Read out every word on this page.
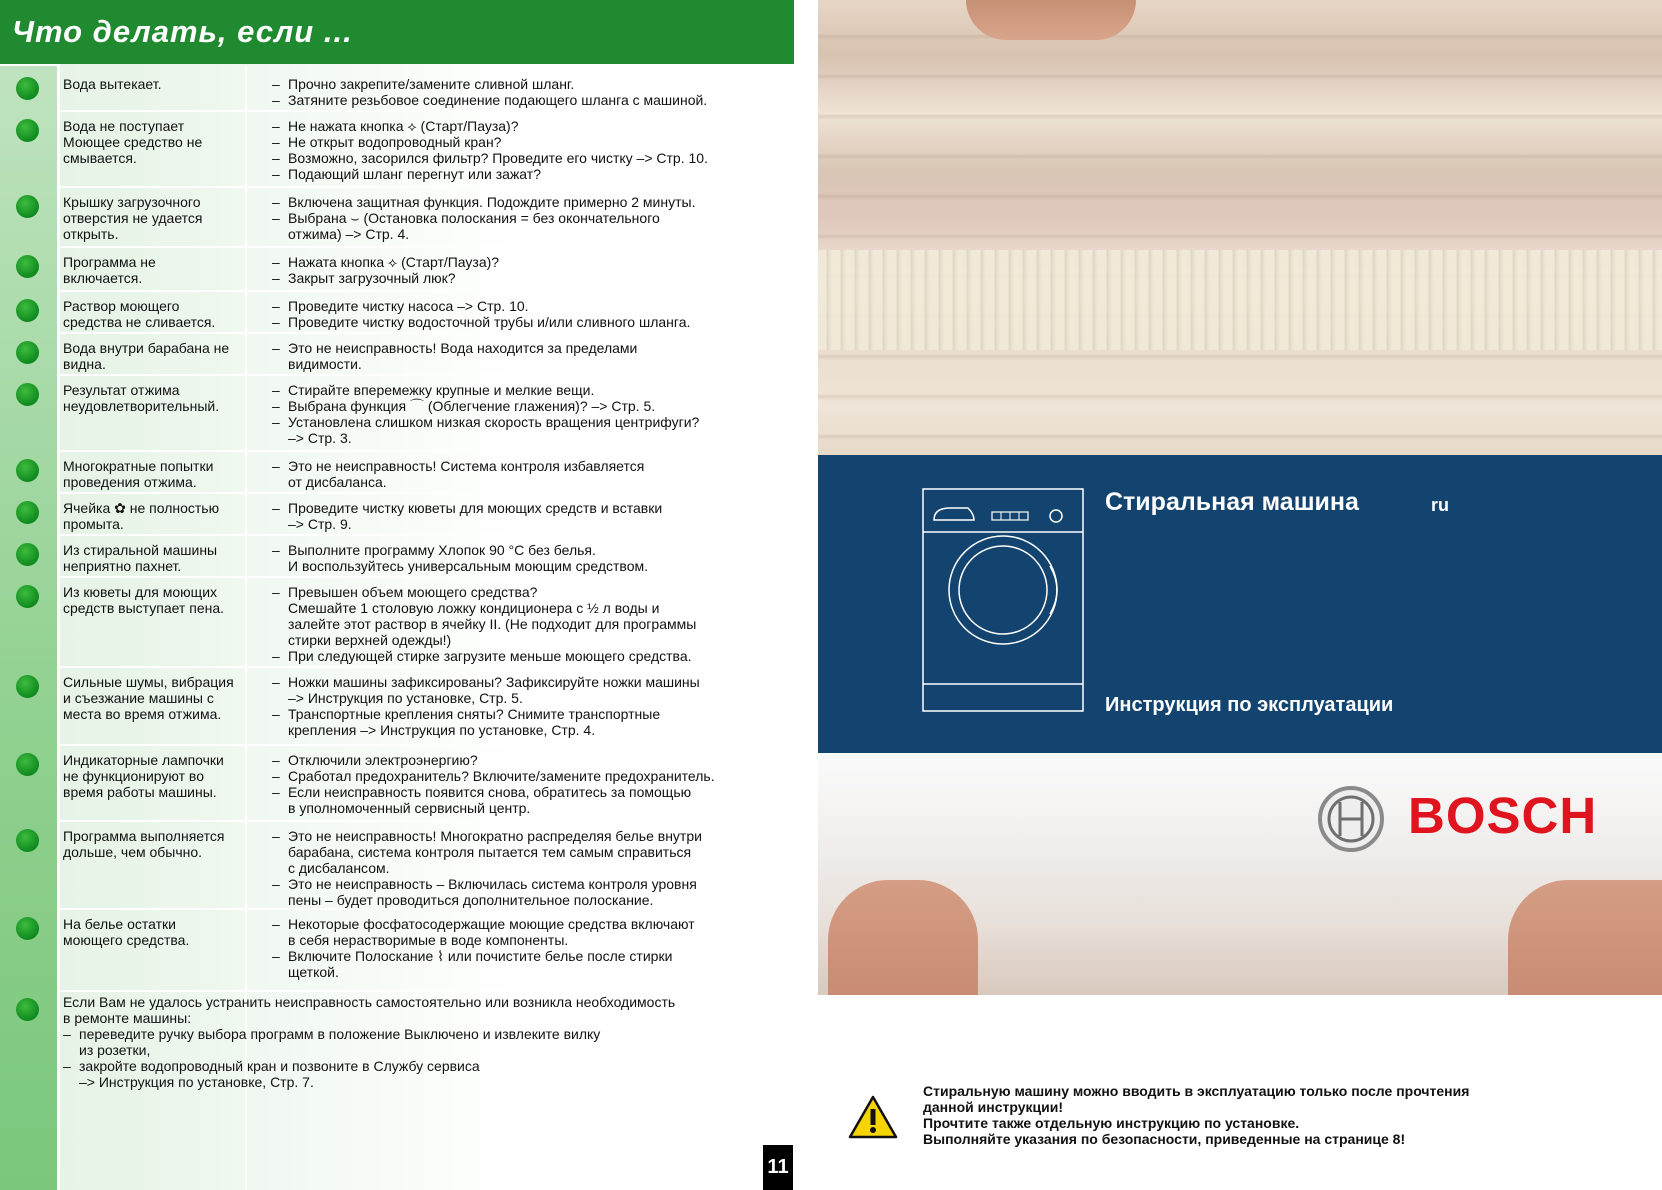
Что делать, если ...
Вода вытекает.
–	Прочно закрепите/замените сливной шланг.
– Затяните резьбовое соединение подающего шланга с машиной.
Вода не поступает
Моющее средство не
смывается.
– Не нажата кнопка ⟡ (Старт/Пауза)?
– Не открыт водопроводный кран?
– Возможно, засорился фильтр? Проведите его чистку –> Стр. 10.
– Подающий шланг перегнут или зажат?
Крышку загрузочного
отверстия не удается
открыть.
– Включена защитная функция. Подождите примерно 2 минуты.
– Выбрана ⌣ (Остановка полоскания = без окончательного
отжима) –> Стр. 4.
Программа не
включается.
– Нажата кнопка ⟡ (Старт/Пауза)?
– Закрыт загрузочный люк?
Раствор моющего
средства не сливается.
– Проведите чистку насоса –> Стр. 10.
– Проведите чистку водосточной трубы и/или сливного шланга.
Вода внутри барабана не
видна.
– Это не неисправность! Вода находится за пределами
видимости.
Результат отжима
неудовлетворительный.
– Стирайте вперемежку крупные и мелкие вещи.
– Выбрана функция ⌒ (Облегчение глажения)? –> Стр. 5.
– Установлена слишком низкая скорость вращения центрифуги?
–> Стр. 3.
Многократные попытки
проведения отжима.
– Это не неисправность! Система контроля избавляется
от дисбаланса.
Ячейка ✿ не полностью
промыта.
– Проведите чистку кюветы для моющих средств и вставки
–> Стр. 9.
Из стиральной машины
неприятно пахнет.
– Выполните программу Хлопок 90 °C без белья.
И воспользуйтесь универсальным моющим средством.
Из кюветы для моющих
средств выступает пена.
– Превышен объем моющего средства?
Смешайте 1 столовую ложку кондиционера с ½ л воды и
залейте этот раствор в ячейку II. (Не подходит для программы
стирки верхней одежды!)
– При следующей стирке загрузите меньше моющего средства.
Сильные шумы, вибрация
и съезжание машины с
места во время отжима.
– Ножки машины зафиксированы? Зафиксируйте ножки машины
–> Инструкция по установке, Стр. 5.
– Транспортные крепления сняты? Снимите транспортные
крепления –> Инструкция по установке, Стр. 4.
Индикаторные лампочки
не функционируют во
время работы машины.
– Отключили электроэнергию?
– Сработал предохранитель? Включите/замените предохранитель.
– Если неисправность появится снова, обратитесь за помощью
в уполномоченный сервисный центр.
Программа выполняется
дольше, чем обычно.
– Это не неисправность! Многократно распределяя белье внутри
барабана, система контроля пытается тем самым справиться
с дисбалансом.
– Это не неисправность – Включилась система контроля уровня
пены – будет проводиться дополнительное полоскание.
На белье остатки
моющего средства.
– Некоторые фосфатосодержащие моющие средства включают
в себя нерастворимые в воде компоненты.
– Включите Полоскание ⌇ или почистите белье после стирки
щеткой.
Если Вам не удалось устранить неисправность самостоятельно или возникла необходимость
в ремонте машины:
– переведите ручку выбора программ в положение Выключено и извлеките вилку
из розетки,
– закройте водопроводный кран и позвоните в Службу сервиса
–> Инструкция по установке, Стр. 7.
11
Стиральная машина	ru
Инструкция по эксплуатации
BOSCH
Стиральную машину можно вводить в эксплуатацию только после прочтения
данной инструкции!
Прочтите также отдельную инструкцию по установке.
Выполняйте указания по безопасности, приведенные на странице 8!
